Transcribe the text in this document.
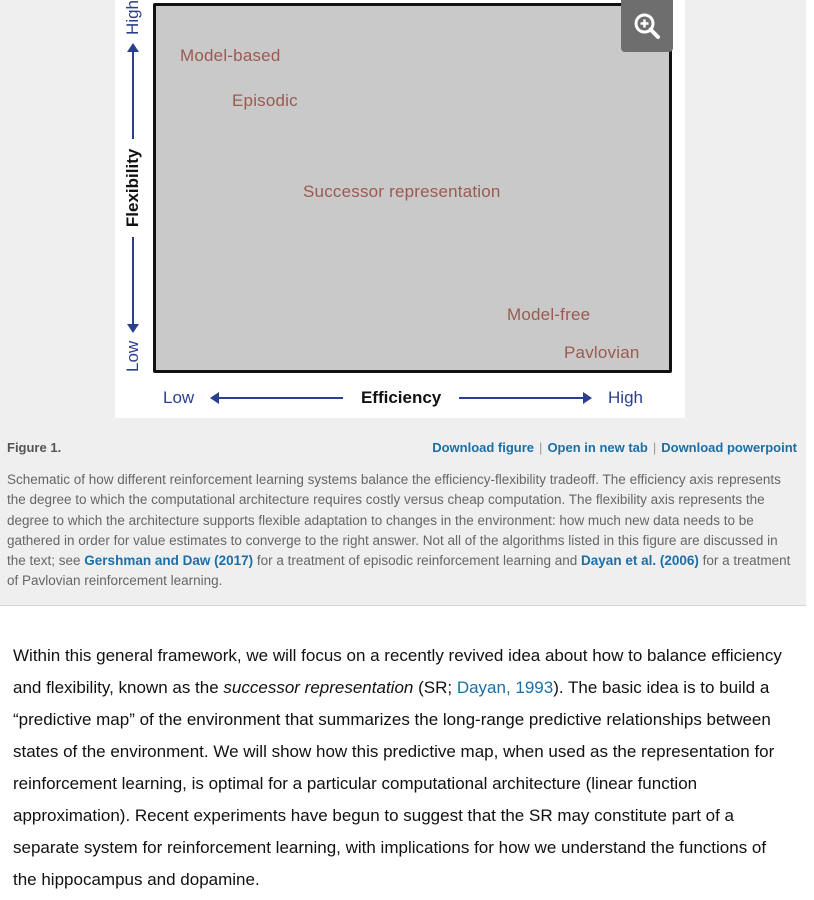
Low
Flexibility
High
Model-based
Episodic
Successor representation
Model-free
Pavlovian
Low	Efficiency	High
Figure 1.	Download figure | Open in new tab | Download powerpoint

Schematic of how different reinforcement learning systems balance the efficiency-flexibility tradeoff. The efficiency axis represents the degree to which the computational architecture requires costly versus cheap computation. The flexibility axis represents the degree to which the architecture supports flexible adaptation to changes in the environment: how much new data needs to be gathered in order for value estimates to converge to the right answer. Not all of the algorithms listed in this figure are discussed in the text; see Gershman and Daw (2017) for a treatment of episodic reinforcement learning and Dayan et al. (2006) for a treatment of Pavlovian reinforcement learning.

Within this general framework, we will focus on a recently revived idea about how to balance efficiency and flexibility, known as the successor representation (SR; Dayan, 1993). The basic idea is to build a “predictive map” of the environment that summarizes the long-range predictive relationships between states of the environment. We will show how this predictive map, when used as the representation for reinforcement learning, is optimal for a particular computational architecture (linear function approximation). Recent experiments have begun to suggest that the SR may constitute part of a separate system for reinforcement learning, with implications for how we understand the functions of the hippocampus and dopamine.
